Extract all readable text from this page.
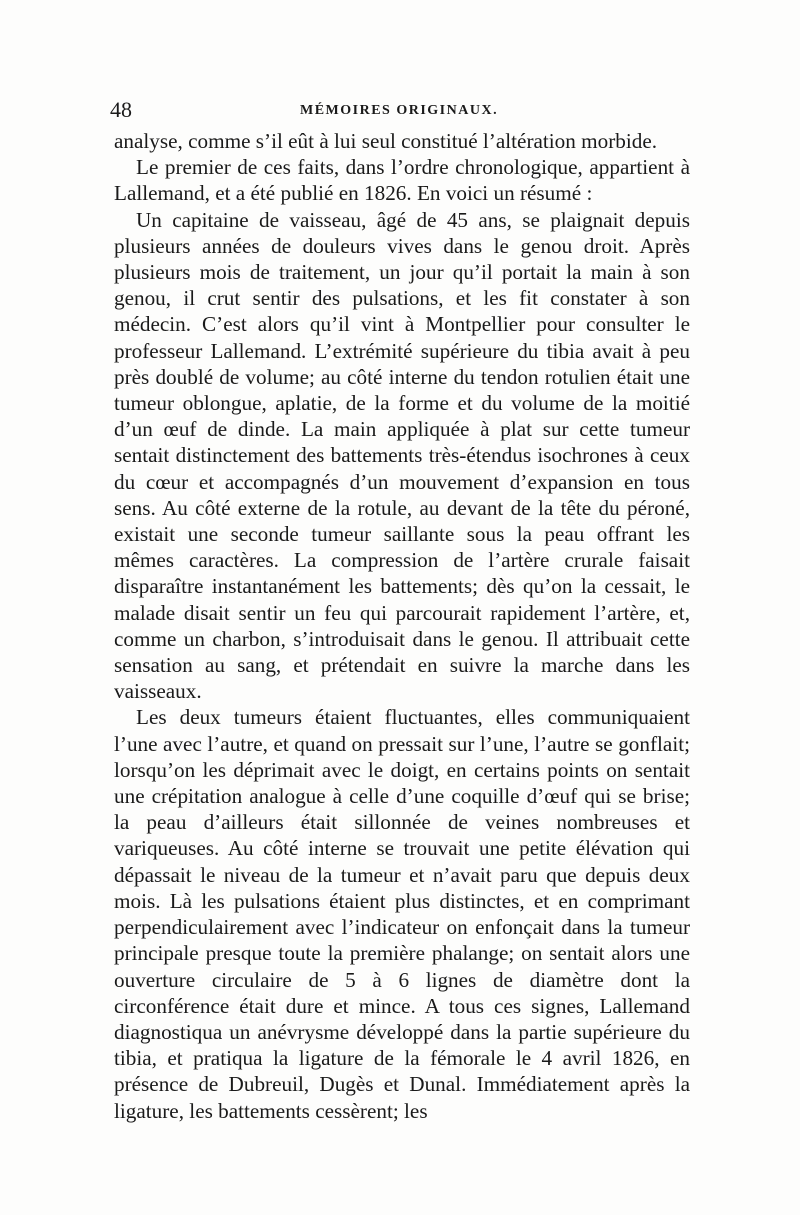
48	MÉMOIRES ORIGINAUX.

analyse, comme s’il eût à lui seul constitué l’altération morbide.

Le premier de ces faits, dans l’ordre chronologique, appartient à Lallemand, et a été publié en 1826. En voici un résumé :

Un capitaine de vaisseau, âgé de 45 ans, se plaignait depuis plusieurs années de douleurs vives dans le genou droit. Après plusieurs mois de traitement, un jour qu’il portait la main à son genou, il crut sentir des pulsations, et les fit constater à son médecin. C’est alors qu’il vint à Montpellier pour consulter le professeur Lallemand. L’extrémité supérieure du tibia avait à peu près doublé de volume; au côté interne du tendon rotulien était une tumeur oblongue, aplatie, de la forme et du volume de la moitié d’un œuf de dinde. La main appliquée à plat sur cette tumeur sentait distinctement des battements très-étendus isochrones à ceux du cœur et accompagnés d’un mouvement d’expansion en tous sens. Au côté externe de la rotule, au devant de la tête du péroné, existait une seconde tumeur saillante sous la peau offrant les mêmes caractères. La compression de l’artère crurale faisait disparaître instantanément les battements; dès qu’on la cessait, le malade disait sentir un feu qui parcourait rapidement l’artère, et, comme un charbon, s’introduisait dans le genou. Il attribuait cette sensation au sang, et prétendait en suivre la marche dans les vaisseaux.

Les deux tumeurs étaient fluctuantes, elles communiquaient l’une avec l’autre, et quand on pressait sur l’une, l’autre se gonflait; lorsqu’on les déprimait avec le doigt, en certains points on sentait une crépitation analogue à celle d’une coquille d’œuf qui se brise; la peau d’ailleurs était sillonnée de veines nombreuses et variqueuses. Au côté interne se trouvait une petite élévation qui dépassait le niveau de la tumeur et n’avait paru que depuis deux mois. Là les pulsations étaient plus distinctes, et en comprimant perpendiculairement avec l’indicateur on enfonçait dans la tumeur principale presque toute la première phalange; on sentait alors une ouverture circulaire de 5 à 6 lignes de diamètre dont la circonférence était dure et mince. A tous ces signes, Lallemand diagnostiqua un anévrysme développé dans la partie supérieure du tibia, et pratiqua la ligature de la fémorale le 4 avril 1826, en présence de Dubreuil, Dugès et Dunal. Immédiatement après la ligature, les battements cessèrent; les
